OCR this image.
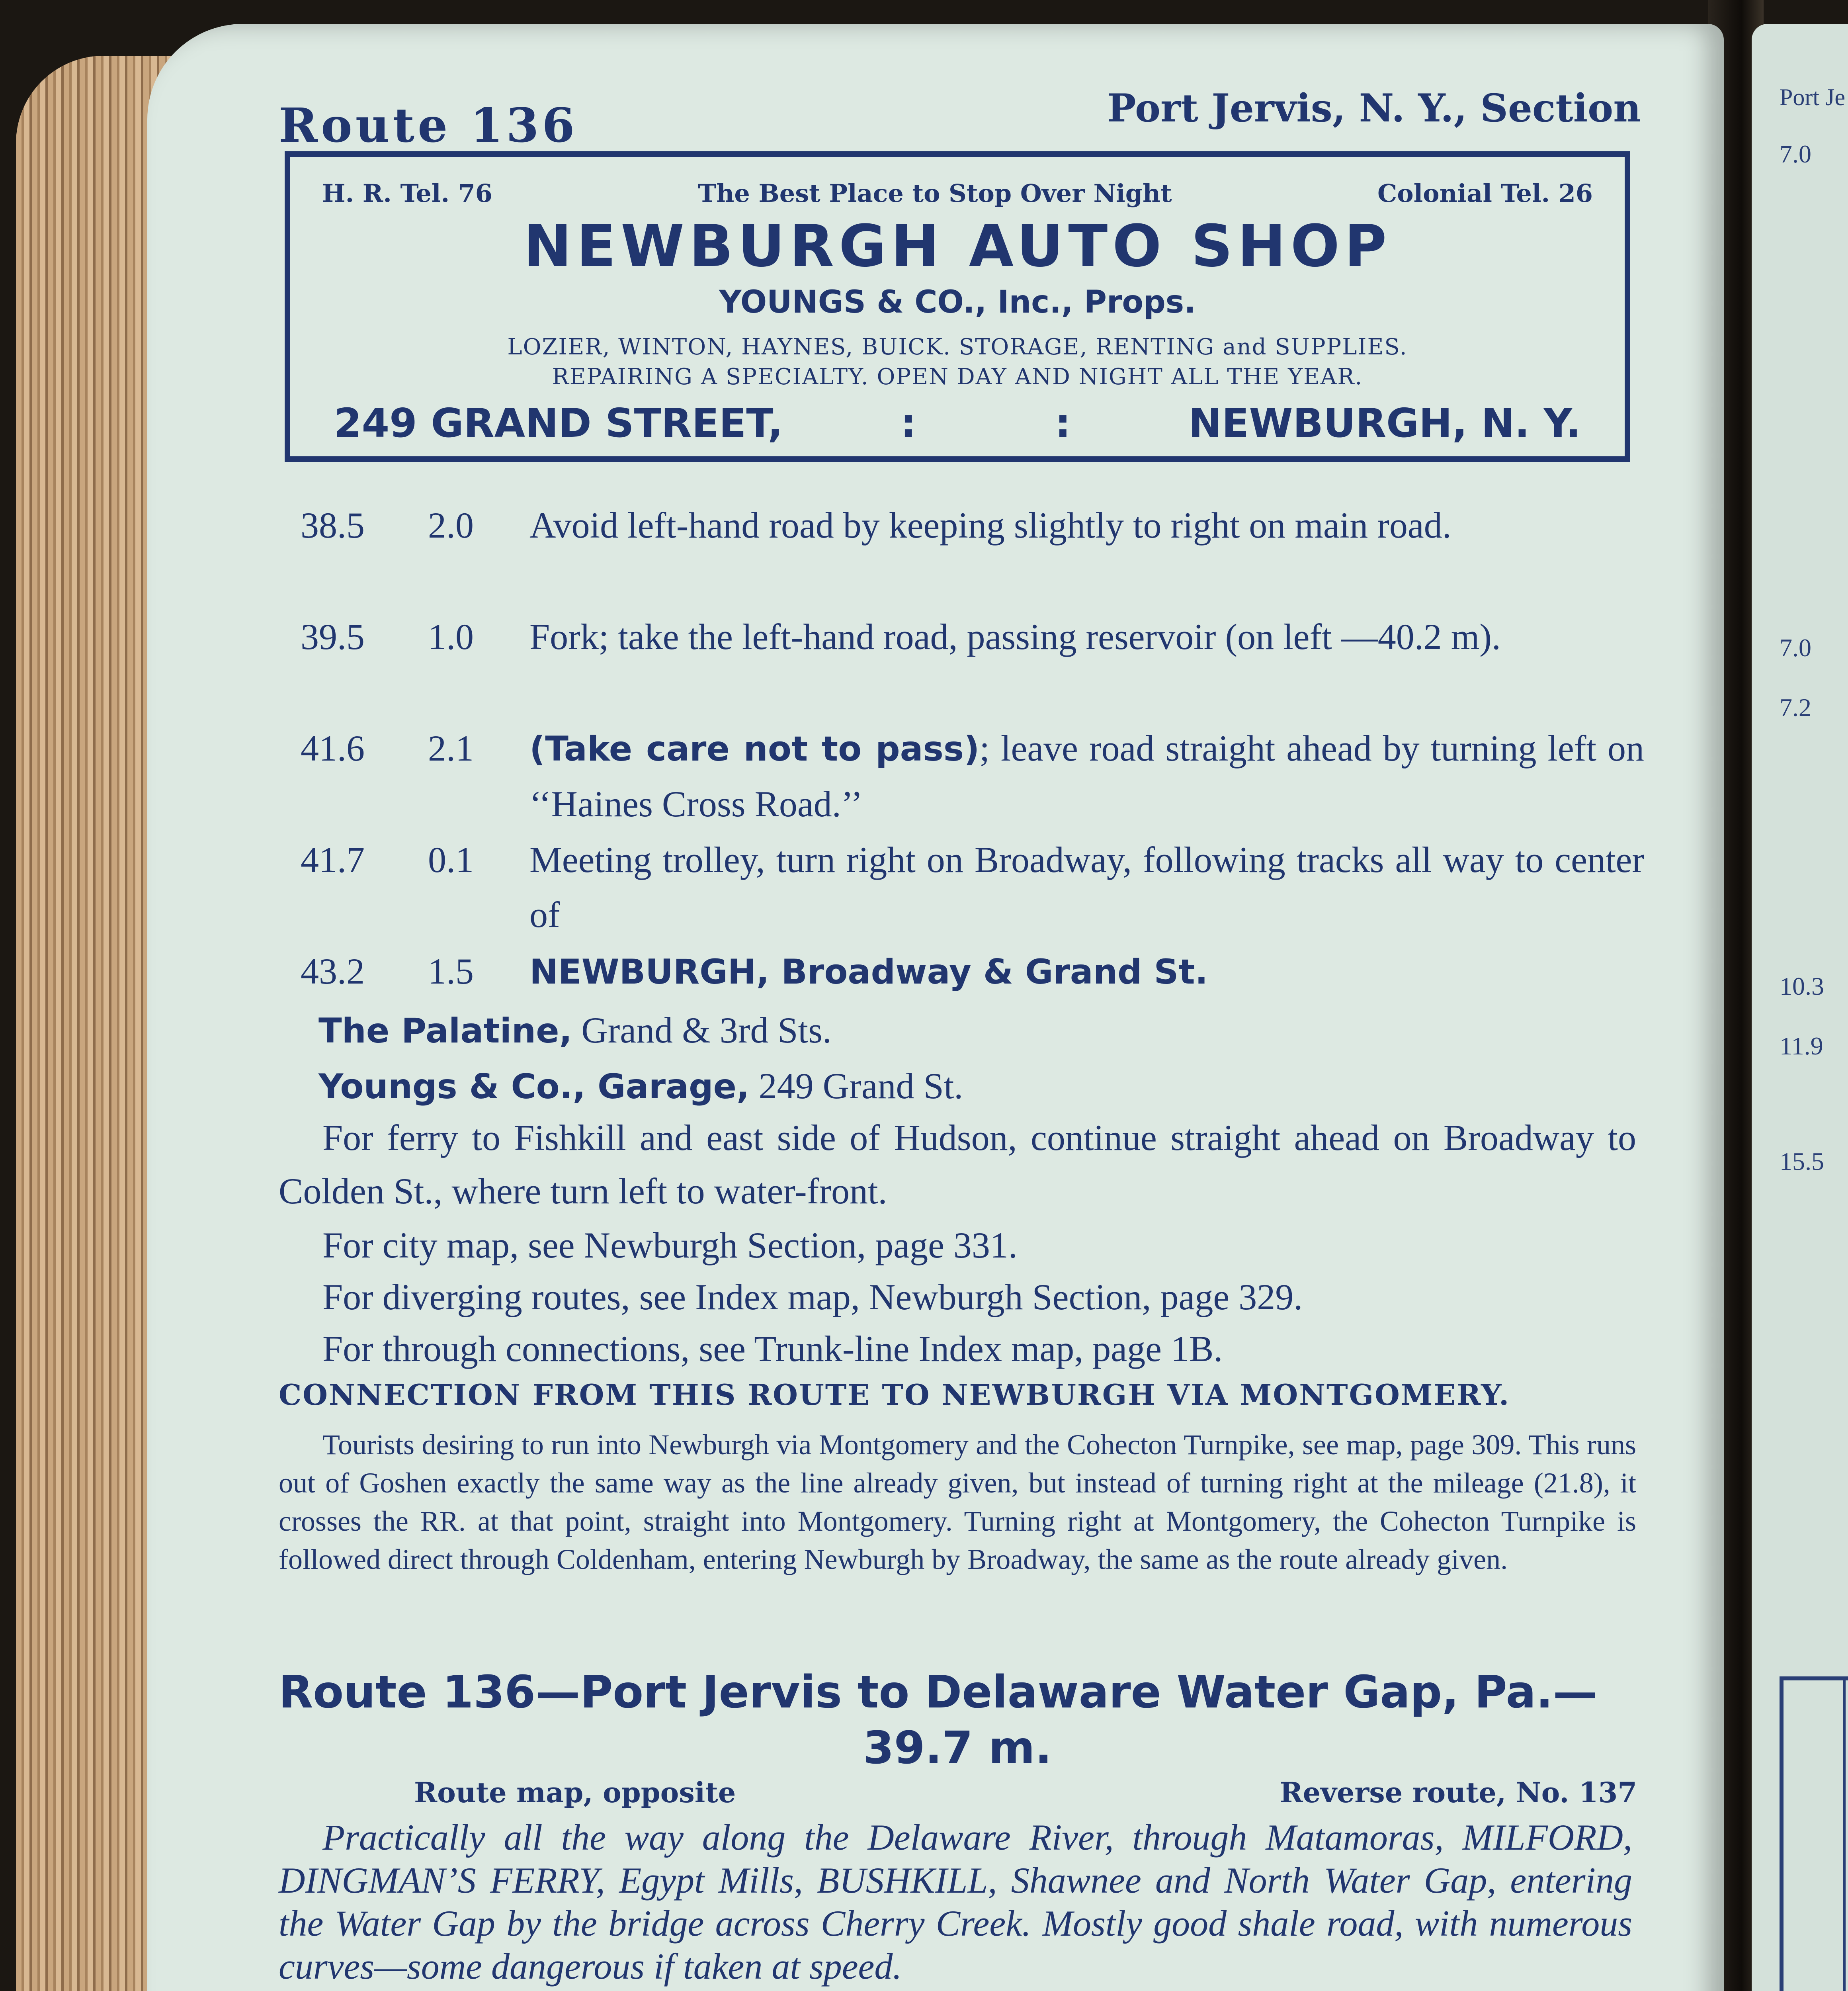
Port Je
7.0
7.0
7.2
10.3
11.9
15.5
Route 136	Port Jervis, N. Y., Section
H. R. Tel. 76	The Best Place to Stop Over Night	Colonial Tel. 26
NEWBURGH AUTO SHOP
YOUNGS & CO., Inc., Props.
LOZIER, WINTON, HAYNES, BUICK. STORAGE, RENTING and SUPPLIES.
REPAIRING A SPECIALTY. OPEN DAY AND NIGHT ALL THE YEAR.
249 GRAND STREET,	:          :	NEWBURGH, N. Y.
38.5 2.0	Avoid left-hand road by keeping slightly to right on main road.
39.5 1.0	Fork; take the left-hand road, passing reservoir (on left —40.2 m).
41.6 2.1	(Take care not to pass); leave road straight ahead by turning left on ‘‘Haines Cross Road.’’
41.7 0.1	Meeting trolley, turn right on Broadway, following tracks all way to center of
43.2 1.5	NEWBURGH, Broadway & Grand St.
The Palatine, Grand & 3rd Sts.
Youngs & Co., Garage, 249 Grand St.
For ferry to Fishkill and east side of Hudson, continue straight ahead on Broadway to Colden St., where turn left to water-front.
For city map, see Newburgh Section, page 331.
For diverging routes, see Index map, Newburgh Section, page 329.
For through connections, see Trunk-line Index map, page 1B.
CONNECTION FROM THIS ROUTE TO NEWBURGH VIA MONTGOMERY.
Tourists desiring to run into Newburgh via Montgomery and the Cohecton Turnpike, see map, page 309. This runs out of Goshen exactly the same way as the line already given, but instead of turning right at the mileage (21.8), it crosses the RR. at that point, straight into Montgomery. Turning right at Montgomery, the Cohecton Turnpike is followed direct through Coldenham, entering Newburgh by Broadway, the same as the route already given.
Route 136—Port Jervis to Delaware Water Gap, Pa.—
39.7 m.
Route map, opposite	Reverse route, No. 137
Practically all the way along the Delaware River, through Matamoras, MILFORD, DINGMAN’S FERRY, Egypt Mills, BUSHKILL, Shawnee and North Water Gap, entering the Water Gap by the bridge across Cherry Creek. Mostly good shale road, with numerous curves—some dangerous if taken at speed.
